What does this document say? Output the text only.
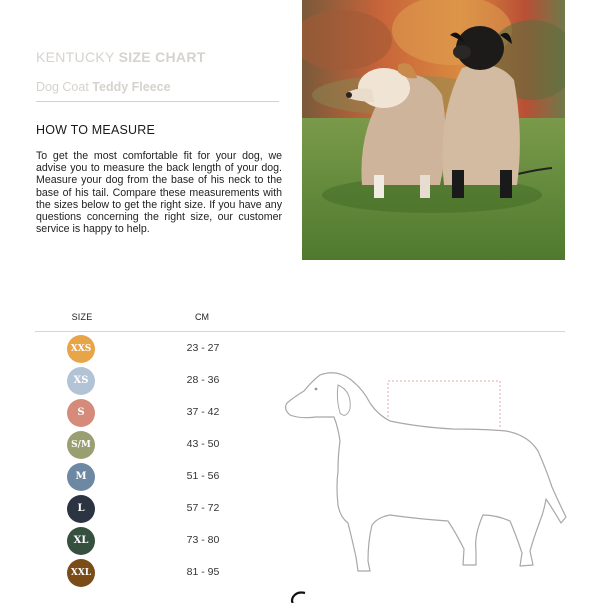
KENTUCKY SIZE CHART
Dog Coat Teddy Fleece
HOW TO MEASURE
To get the most comfortable fit for your dog, we advise you to measure the back length of your dog. Measure your dog from the base of his neck to the base of his tail. Compare these measurements with the sizes below to get the right size. If you have any questions concerning the right size, our customer service is happy to help.
SIZE	CM
XXS	23 - 27
XS	28 - 36
S	37 - 42
S/M	43 - 50
M	51 - 56
L	57 - 72
XL	73 - 80
XXL	81 - 95
